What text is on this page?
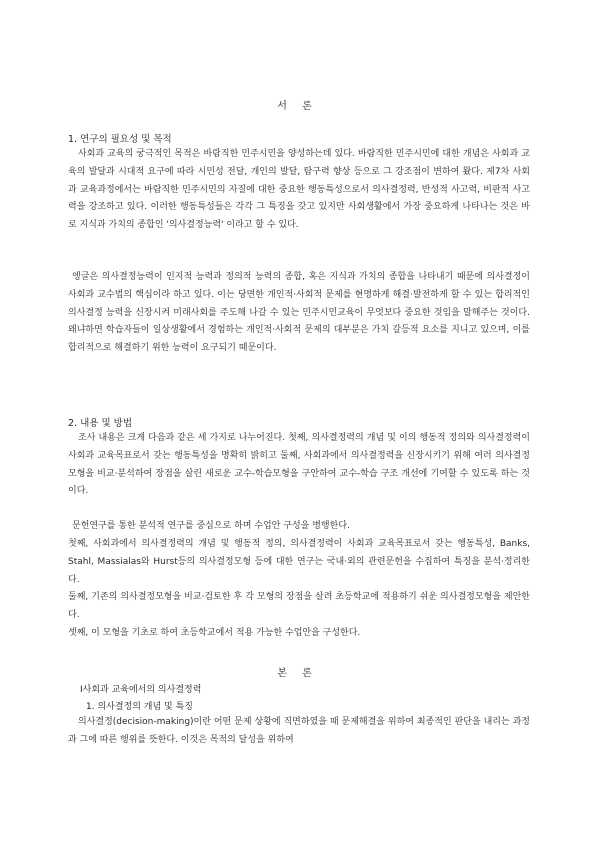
서 론
1. 연구의 필요성 및 목적

사회과 교육의 궁극적인 목적은 바람직한 민주시민을 양성하는데 있다. 바람직한 민주시민에 대한 개념은 사회과 교육의 발달과 시대적 요구에 따라 시민성 전달, 개인의 발달, 탐구력 향상 등으로 그 강조점이 변하여 왔다. 제7차 사회과 교육과정에서는 바람직한 민주시민의 자질에 대한 중요한 행동특성으로서 의사결정력, 반성적 사고력, 비판적 사고력을 강조하고 있다. 이러한 행동특성들은 각각 그 특징을 갖고 있지만 사회생활에서 가장 중요하게 나타나는 것은 바로 지식과 가치의 종합인 '의사결정능력' 이라고 할 수 있다.

엥글은 의사결정능력이 인지적 능력과 정의적 능력의 종합, 혹은 지식과 가치의 종합을 나타내기 때문에 의사결정이 사회과 교수법의 핵심이라 하고 있다. 이는 당면한 개인적·사회적 문제를 현명하게 해결·발전하게 할 수 있는 합리적인 의사결정 능력을 신장시켜 미래사회를 주도해 나갈 수 있는 민주시민교육이 무엇보다 중요한 것임을 말해주는 것이다. 왜냐하면 학습자들이 일상생활에서 경험하는 개인적·사회적 문제의 대부분은 가치 갈등적 요소를 지니고 있으며, 이를 합리적으로 해결하기 위한 능력이 요구되기 때문이다.

2. 내용 및 방법

조사 내용은 크게 다음과 같은 세 가지로 나누어진다. 첫째, 의사결정력의 개념 및 이의 행동적 정의와 의사결정력이 사회과 교육목표로서 갖는 행동특성을 명확히 밝히고 둘째, 사회과에서 의사결정력을 신장시키기 위해 여러 의사결정모형을 비교·분석하여 장점을 살린 새로운 교수-학습모형을 구안하여 교수-학습 구조 개선에 기여할 수 있도록 하는 것이다.

문헌연구를 통한 분석적 연구를 중심으로 하며 수업안 구성을 병행한다.

첫째, 사회과에서 의사결정력의 개념 및 행동적 정의, 의사결정력이 사회과 교육목표로서 갖는 행동특성, Banks, Stahl, Massialas와 Hurst등의 의사결정모형 등에 대한 연구는 국내·외의 관련문헌을 수집하여 특징을 분석·정리한다.

둘째, 기존의 의사결정모형을 비교·검토한 후 각 모형의 장점을 살려 초등학교에 적용하기 쉬운 의사결정모형을 제안한다.

셋째, 이 모형을 기초로 하여 초등학교에서 적용 가능한 수업안을 구성한다.

본 론
Ⅰ사회과 교육에서의 의사결정력
1. 의사결정의 개념 및 특징

의사결정(decision-making)이란 어떤 문제 상황에 직면하였을 때 문제해결을 위하여 최종적인 판단을 내리는 과정과 그에 따른 행위를 뜻한다. 이것은 목적의 달성을 위하여
